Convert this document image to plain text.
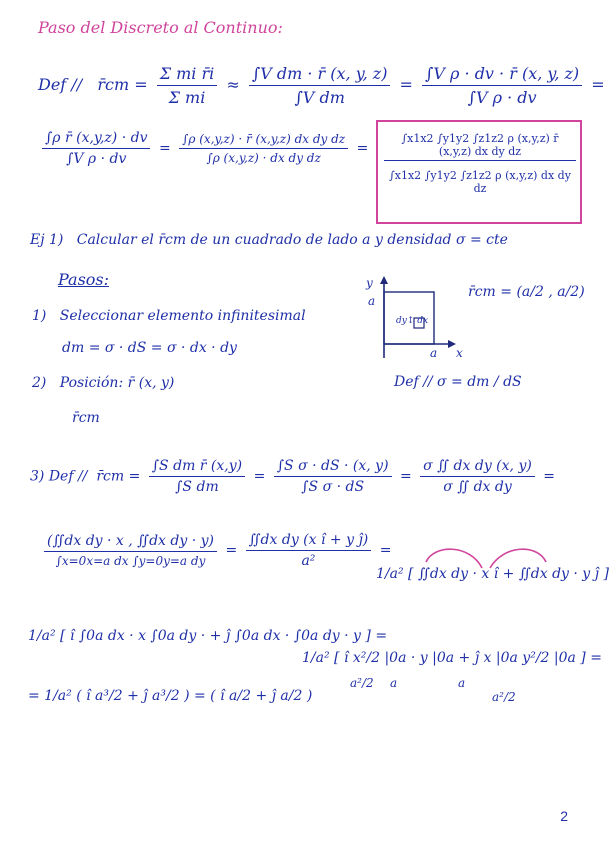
Paso del Discreto al Continuo:
Def // r̄cm = $\frac{\text{Σ mi r̄i}}{\text{Σ mi}} \approx \frac{\text{∫V dm · r̄ (x, y, z)}}{\text{∫V dm}} = \frac{\text{∫V ρ · dv · r̄ (x, y, z)}}{\text{∫V ρ · dv}}$ =
$\frac{\text{∫ρ r̄ (x,y,z) · dv}}{\text{∫V ρ · dv}} = \frac{\text{∫ρ (x,y,z) · r̄ (x,y,z) dx dy dz}}{\text{∫ρ (x,y,z) · dx dy dz}} = \frac{\text{∫x1x2 ∫y1y2 ∫z1z2 ρ (x,y,z) r̄ (x,y,z) dx dy dz}}{\text{∫x1x2 ∫y1y2 ∫z1z2 ρ (x,y,z) dx dy dz}}$
Ej 1) Calcular el r̄cm de un cuadrado de lado a y densidad σ = cte
Pasos:
1) Seleccionar elemento infinitesimal
dm = σ · dS = σ · dx · dy
2) Posición: r̄ (x, y)
r̄cm
y
a
dy↕ dx
a x
r̄cm = (a/2 , a/2)
Def // σ = dm / dS
3) Def // r̄cm = $\frac{\text{∫S dm r̄ (x,y)}}{\text{∫S dm}} = \frac{\text{∫S σ · dS · (x, y)}}{\text{∫S σ · dS}} = \frac{\text{σ ∬ dx dy (x, y)}}{\text{σ ∬ dx dy}}$ =
$\frac{\text{(∬dx dy · x , ∬dx dy · y)}}{\text{∫x=0x=a dx ∫y=0y=a dy}} = \frac{\text{∬dx dy (x î + y ĵ)}}{\text{a²}}$ =
1/a² [ ∬dx dy · x î + ∬dx dy · y ĵ ]
1/a² [ î ∫0a dx · x ∫0a dy · + ĵ ∫0a dx · ∫0a dy · y ] =
1/a² [ î x²/2 |0a · y |0a + ĵ x |0a y²/2 |0a ] =
a²/2 a	a
a²/2
= 1/a² ( î a³/2 + ĵ a³/2 ) = ( î a/2 + ĵ a/2 )
2
